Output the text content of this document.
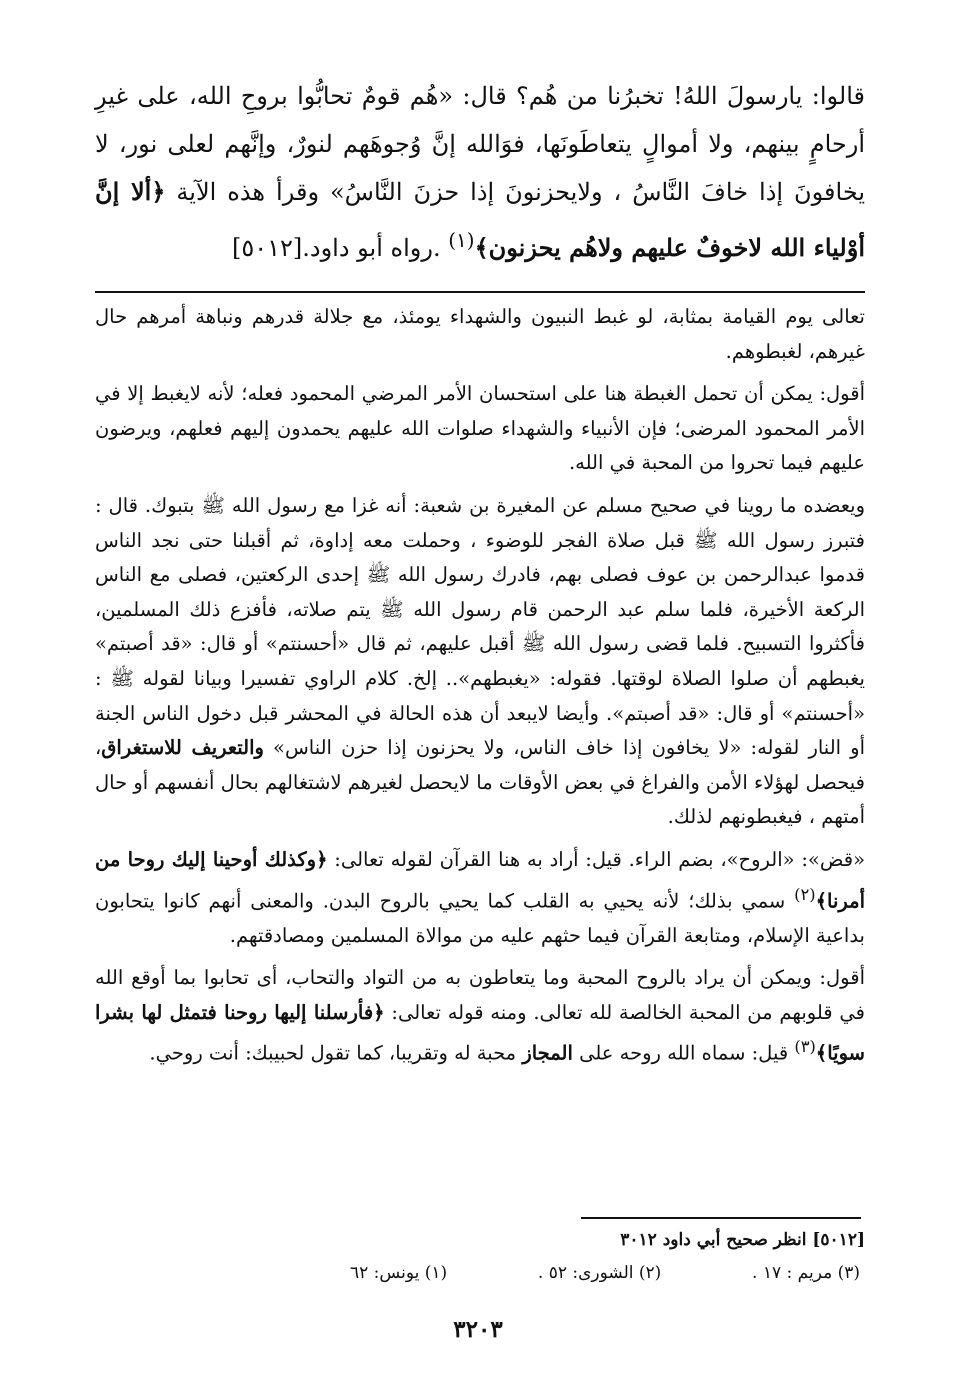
قالوا: يارسولَ اللهُ! تخبرُنا من هُم؟ قال: «هُم قومٌ تحابُّوا بروحِ الله، على غيرِ أرحامٍ بينهم، ولا أموالٍ يتعاطَونَها، فوَالله إنَّ وُجوهَهم لنورٌ، وإنَّهم لعلى نور، لا يخافونَ إذا خافَ النَّاسُ ، ولايحزنونَ إذا حزنَ النَّاسُ» وقرأ هذه الآية ﴿ألا إنَّ أوْلياء الله لاخوفٌ عليهم ولاهُم يحزنون﴾$^{(١)}$ .رواه أبو داود.[٥٠١٢]

تعالى يوم القيامة بمثابة، لو غبط النبيون والشهداء يومئذ، مع جلالة قدرهم ونباهة أمرهم حال غيرهم، لغبطوهم.

أقول: يمكن أن تحمل الغبطة هنا على استحسان الأمر المرضي المحمود فعله؛ لأنه لايغبط إلا في الأمر المحمود المرضى؛ فإن الأنبياء والشهداء صلوات الله عليهم يحمدون إليهم فعلهم، ويرضون عليهم فيما تحروا من المحبة في الله.

ويعضده ما روينا في صحيح مسلم عن المغيرة بن شعبة: أنه غزا مع رسول الله ﷺ بتبوك. قال : فتبرز رسول الله ﷺ قبل صلاة الفجر للوضوء ، وحملت معه إداوة، ثم أقبلنا حتى نجد الناس قدموا عبدالرحمن بن عوف فصلى بهم، فادرك رسول الله ﷺ إحدى الركعتين، فصلى مع الناس الركعة الأخيرة، فلما سلم عبد الرحمن قام رسول الله ﷺ يتم صلاته، فأفزع ذلك المسلمين، فأكثروا التسبيح. فلما قضى رسول الله ﷺ أقبل عليهم، ثم قال «أحسنتم» أو قال: «قد أصبتم» يغبطهم أن صلوا الصلاة لوقتها. فقوله: «يغبطهم».. إلخ. كلام الراوي تفسيرا وبيانا لقوله ﷺ : «أحسنتم» أو قال: «قد أصبتم». وأيضا لايبعد أن هذه الحالة في المحشر قبل دخول الناس الجنة أو النار لقوله: «لا يخافون إذا خاف الناس، ولا يحزنون إذا حزن الناس» والتعريف للاستغراق، فيحصل لهؤلاء الأمن والفراغ في بعض الأوقات ما لايحصل لغيرهم لاشتغالهم بحال أنفسهم أو حال أمتهم ، فيغبطونهم لذلك.

«قض»: «الروح»، بضم الراء. قيل: أراد به هنا القرآن لقوله تعالى: ﴿وكذلك أوحينا إليك روحا من أمرنا﴾$^{(٢)}$ سمي بذلك؛ لأنه يحيي به القلب كما يحيي بالروح البدن. والمعنى أنهم كانوا يتحابون بداعية الإسلام، ومتابعة القرآن فيما حثهم عليه من موالاة المسلمين ومصادقتهم.

أقول: ويمكن أن يراد بالروح المحبة وما يتعاطون به من التواد والتحاب، أى تحابوا بما أوقع الله في قلوبهم من المحبة الخالصة لله تعالى. ومنه قوله تعالى: ﴿فأرسلنا إليها روحنا فتمثل لها بشرا سويًا﴾$^{(٣)}$ قيل: سماه الله روحه على المجاز محبة له وتقريبا، كما تقول لحبيبك: أنت روحي.

[٥٠١٢] انظر صحيح أبي داود ٣٠١٢
(١) يونس: ٦٢	(٢) الشورى: ٥٢ .	(٣) مريم : ١٧ .
٣٢٠٣
